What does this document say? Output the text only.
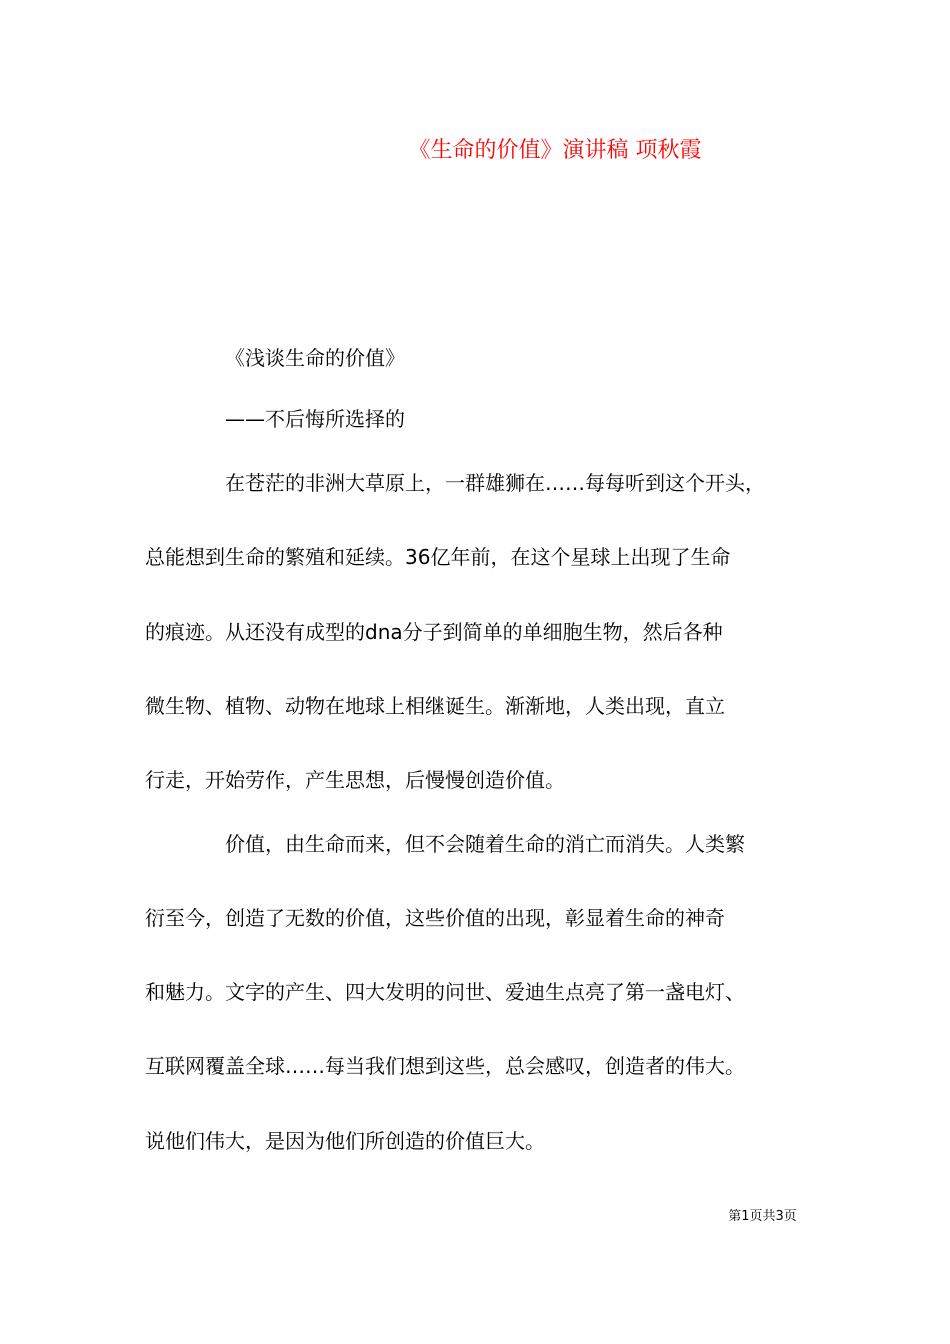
《生命的价值》演讲稿 项秋霞
《浅谈生命的价值》
——不后悔所选择的
在苍茫的非洲大草原上，一群雄狮在……每每听到这个开头，
总能想到生命的繁殖和延续。36亿年前，在这个星球上出现了生命
的痕迹。从还没有成型的dna分子到简单的单细胞生物，然后各种
微生物、植物、动物在地球上相继诞生。渐渐地，人类出现，直立
行走，开始劳作，产生思想，后慢慢创造价值。
价值，由生命而来，但不会随着生命的消亡而消失。人类繁
衍至今，创造了无数的价值，这些价值的出现，彰显着生命的神奇
和魅力。文字的产生、四大发明的问世、爱迪生点亮了第一盏电灯、
互联网覆盖全球……每当我们想到这些，总会感叹，创造者的伟大。
说他们伟大，是因为他们所创造的价值巨大。
第1页共3页
